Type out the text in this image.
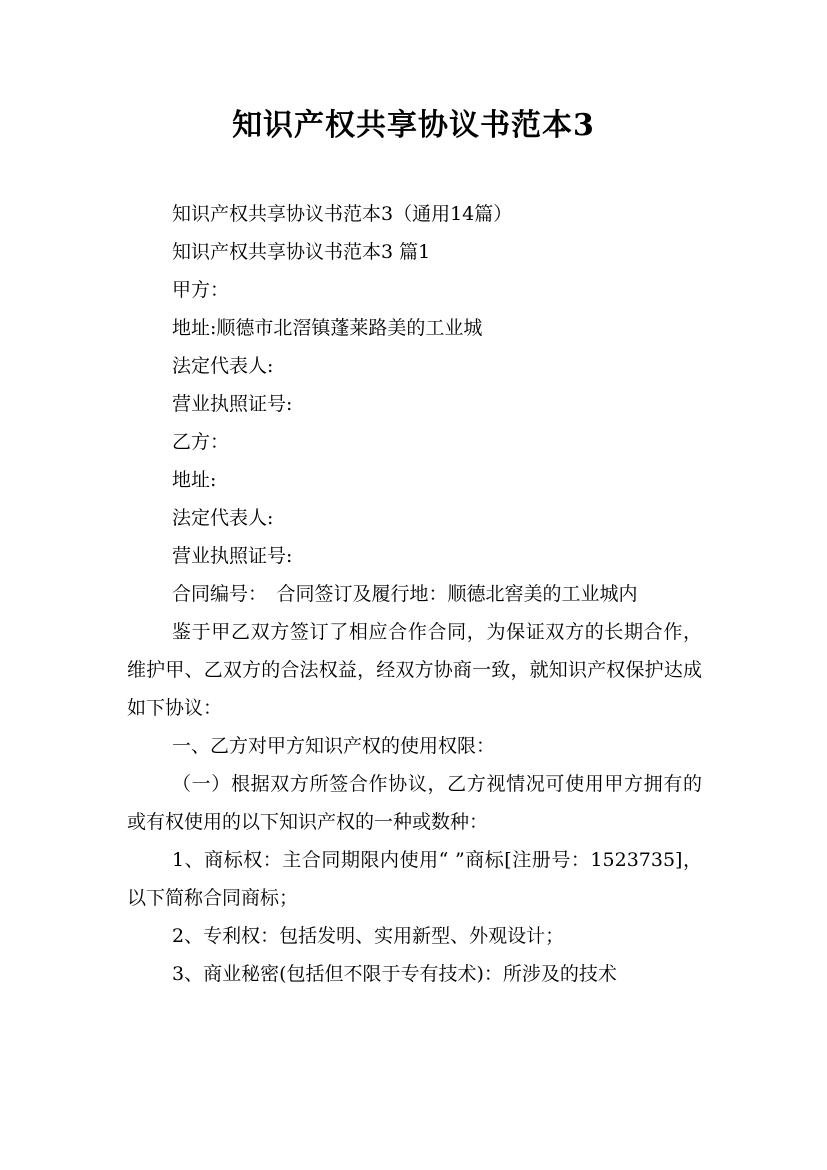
知识产权共享协议书范本3

知识产权共享协议书范本3（通用14篇）

知识产权共享协议书范本3 篇1

甲方：

地址:顺德市北滘镇蓬莱路美的工业城

法定代表人:

营业执照证号:

乙方：

地址:

法定代表人:

营业执照证号:

合同编号：　合同签订及履行地：顺德北窖美的工业城内

鉴于甲乙双方签订了相应合作合同，为保证双方的长期合作，维护甲、乙双方的合法权益，经双方协商一致，就知识产权保护达成如下协议：

一、乙方对甲方知识产权的使用权限：

（一）根据双方所签合作协议，乙方视情况可使用甲方拥有的或有权使用的以下知识产权的一种或数种：

1、商标权：主合同期限内使用“ ”商标[注册号：1523735]，以下简称合同商标；

2、专利权：包括发明、实用新型、外观设计；

3、商业秘密(包括但不限于专有技术)：所涉及的技术
